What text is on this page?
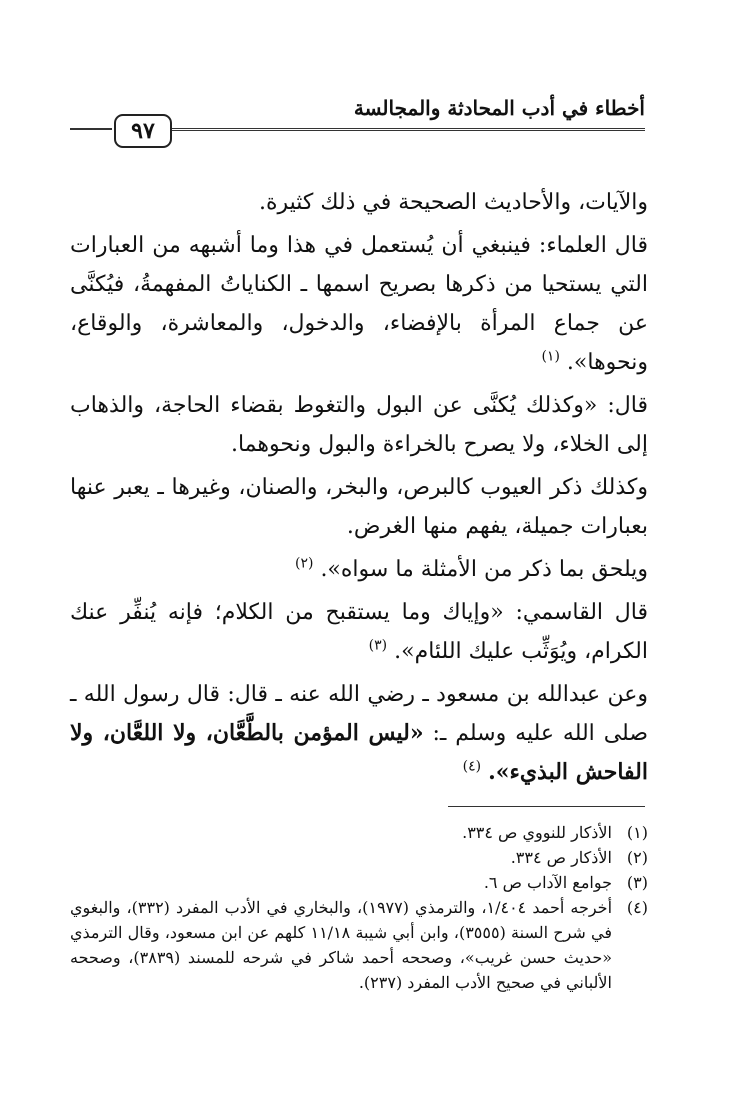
أخطاء في أدب المحادثة والمجالسة
٩٧

والآيات، والأحاديث الصحيحة في ذلك كثيرة.

قال العلماء: فينبغي أن يُستعمل في هذا وما أشبهه من العبارات التي يستحيا من ذكرها بصريح اسمها ـ الكناياتُ المفهمةُ، فيُكنَّى عن جماع المرأة بالإفضاء، والدخول، والمعاشرة، والوقاع، ونحوها». $^{(١)}$

قال: «وكذلك يُكنَّى عن البول والتغوط بقضاء الحاجة، والذهاب إلى الخلاء، ولا يصرح بالخراءة والبول ونحوهما.

وكذلك ذكر العيوب كالبرص، والبخر، والصنان، وغيرها ـ يعبر عنها بعبارات جميلة، يفهم منها الغرض.

ويلحق بما ذكر من الأمثلة ما سواه». $^{(٢)}$

قال القاسمي: «وإياك وما يستقبح من الكلام؛ فإنه يُنفِّر عنك الكرام، ويُوَثِّب عليك اللئام». $^{(٣)}$

وعن عبدالله بن مسعود ـ رضي الله عنه ـ قال: قال رسول الله ـ صلى الله عليه وسلم ـ: «ليس المؤمن بالطَّعَّان، ولا اللعَّان، ولا الفاحش البذيء». $^{(٤)}$

(١)
الأذكار للنووي ص ٣٣٤.
(٢)
الأذكار ص ٣٣٤.
(٣)
جوامع الآداب ص ٦.
(٤)
أخرجه أحمد ١/٤٠٤، والترمذي (١٩٧٧)، والبخاري في الأدب المفرد (٣٣٢)، والبغوي في شرح السنة (٣٥٥٥)، وابن أبي شيبة ١١/١٨ كلهم عن ابن مسعود، وقال الترمذي «حديث حسن غريب»، وصححه أحمد شاكر في شرحه للمسند (٣٨٣٩)، وصححه الألباني في صحيح الأدب المفرد (٢٣٧).
